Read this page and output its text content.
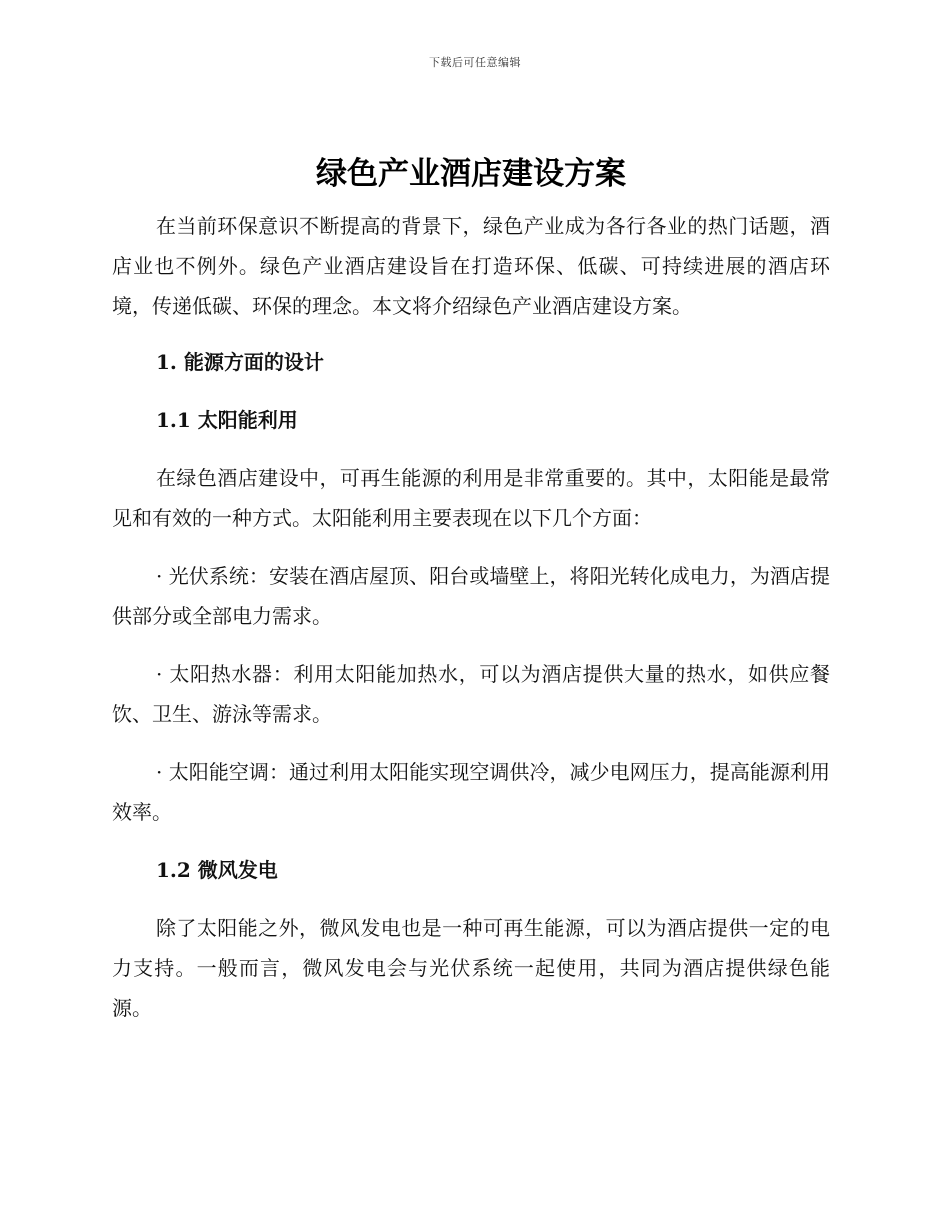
下载后可任意编辑
绿色产业酒店建设方案

在当前环保意识不断提高的背景下，绿色产业成为各行各业的热门话题，酒店业也不例外。绿色产业酒店建设旨在打造环保、低碳、可持续进展的酒店环境，传递低碳、环保的理念。本文将介绍绿色产业酒店建设方案。

1. 能源方面的设计
1.1 太阳能利用

在绿色酒店建设中，可再生能源的利用是非常重要的。其中，太阳能是最常见和有效的一种方式。太阳能利用主要表现在以下几个方面：

· 光伏系统：安装在酒店屋顶、阳台或墙壁上，将阳光转化成电力，为酒店提供部分或全部电力需求。

· 太阳热水器：利用太阳能加热水，可以为酒店提供大量的热水，如供应餐饮、卫生、游泳等需求。

· 太阳能空调：通过利用太阳能实现空调供冷，减少电网压力，提高能源利用效率。

1.2 微风发电

除了太阳能之外，微风发电也是一种可再生能源，可以为酒店提供一定的电力支持。一般而言，微风发电会与光伏系统一起使用，共同为酒店提供绿色能源。
